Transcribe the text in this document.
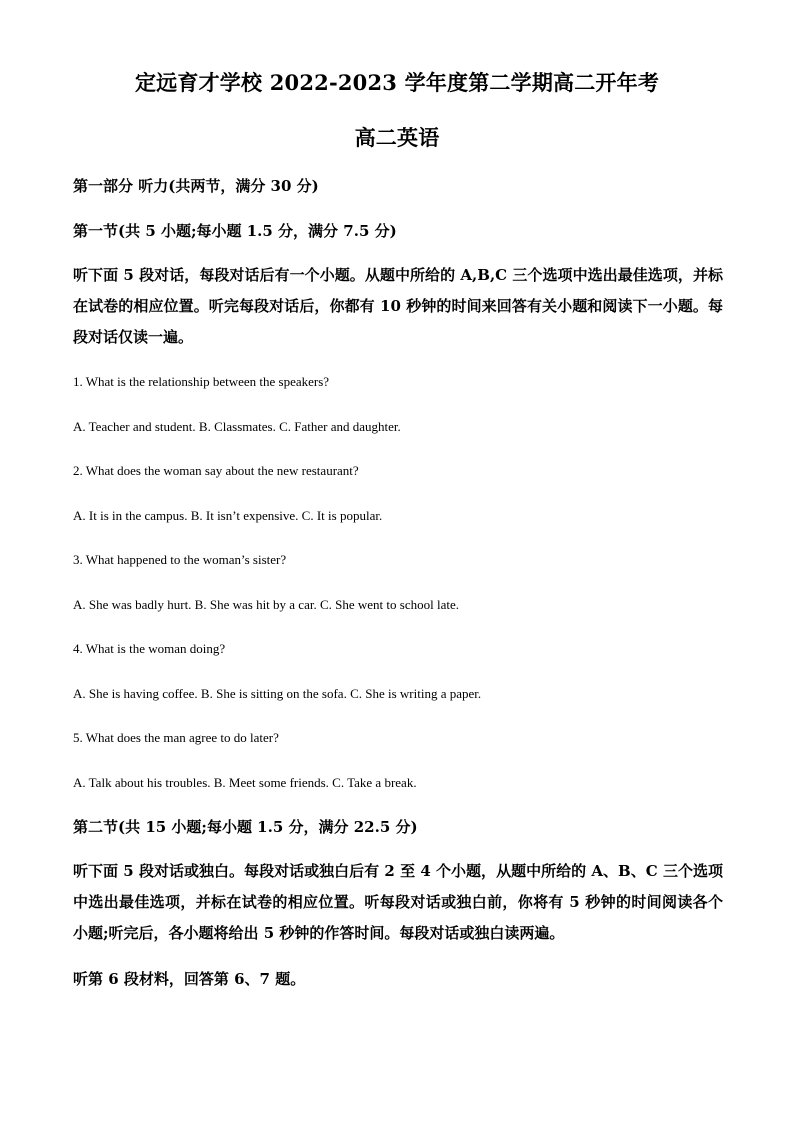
定远育才学校 2022-2023 学年度第二学期高二开年考
高二英语
第一部分 听力(共两节，满分 30 分)
第一节(共 5 小题;每小题 1.5 分，满分 7.5 分)
听下面 5 段对话，每段对话后有一个小题。从题中所给的 A,B,C 三个选项中选出最佳选项，并标在试卷的相应位置。听完每段对话后，你都有 10 秒钟的时间来回答有关小题和阅读下一小题。每段对话仅读一遍。
1. What is the relationship between the speakers?
A. Teacher and student. B. Classmates. C. Father and daughter.
2. What does the woman say about the new restaurant?
A. It is in the campus. B. It isn’t expensive. C. It is popular.
3. What happened to the woman’s sister?
A. She was badly hurt. B. She was hit by a car. C. She went to school late.
4. What is the woman doing?
A. She is having coffee. B. She is sitting on the sofa. C. She is writing a paper.
5. What does the man agree to do later?
A. Talk about his troubles. B. Meet some friends. C. Take a break.
第二节(共 15 小题;每小题 1.5 分，满分 22.5 分)
听下面 5 段对话或独白。每段对话或独白后有 2 至 4 个小题，从题中所给的 A、B、C 三个选项中选出最佳选项，并标在试卷的相应位置。听每段对话或独白前，你将有 5 秒钟的时间阅读各个小题;听完后，各小题将给出 5 秒钟的作答时间。每段对话或独白读两遍。
听第 6 段材料，回答第 6、7 题。
